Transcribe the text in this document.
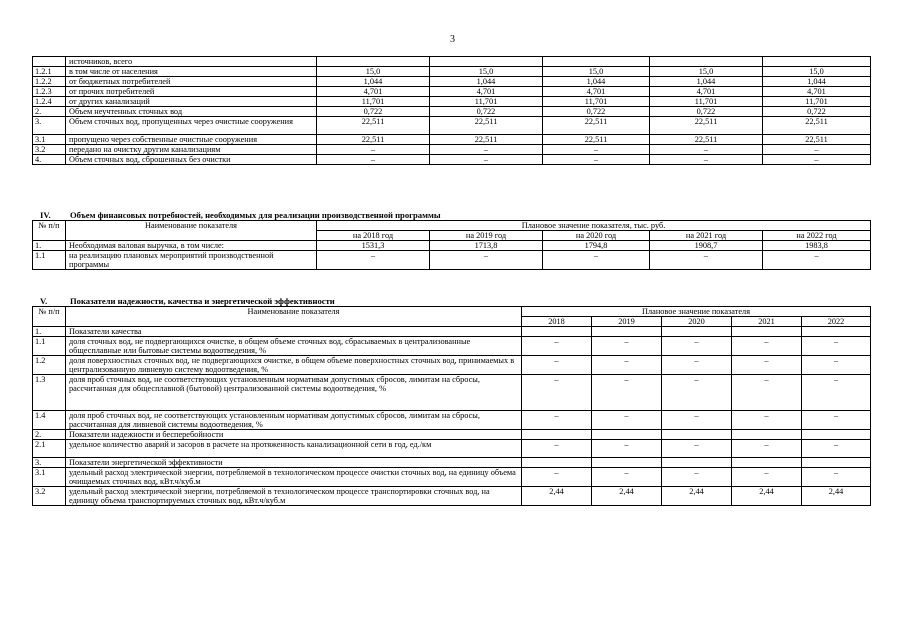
3
	источников, всего					
1.2.1	в том числе от населения	15,0	15,0	15,0	15,0	15,0
1.2.2	от бюджетных потребителей	1,044	1,044	1,044	1,044	1,044
1.2.3	от прочих потребителей	4,701	4,701	4,701	4,701	4,701
1.2.4	от других канализаций	11,701	11,701	11,701	11,701	11,701
2.	Объем неучтенных сточных вод	0,722	0,722	0,722	0,722	0,722
3.	Объем сточных вод, пропущенных через очистные сооружения	22,511	22,511	22,511	22,511	22,511
3.1	пропущено через собственные очистные сооружения	22,511	22,511	22,511	22,511	22,511
3.2	передано на очистку другим канализациям	–	–	–	–	–
4.	Объем сточных вод, сброшенных без очистки	–	–	–	–	–
IV. Объем финансовых потребностей, необходимых для реализации производственной программы
№ п/п	Наименование показателя	Плановое значение показателя, тыс. руб.				
		на 2018 год	на 2019 год	на 2020 год	на 2021 год	на 2022 год
1.	Необходимая валовая выручка, в том числе:	1531,3	1713,8	1794,8	1908,7	1983,8
1.1	на реализацию плановых мероприятий производственной программы	–	–	–	–	–
V.	Показатели надежности, качества и энергетической эффективности
№ п/п	Наименование показателя	Плановое значение показателя				
		2018	2019	2020	2021	2022
1.	Показатели качества					
1.1	доля сточных вод, не подвергающихся очистке, в общем объеме сточных вод, сбрасываемых в централизованные общесплавные или бытовые системы водоотведения, %	–	–	–	–	–
1.2	доля поверхностных сточных вод, не подвергающихся очистке, в общем объеме поверхностных сточных вод, принимаемых в централизованную ливневую систему водоотведения, %	–	–	–	–	–
1.3	доля проб сточных вод, не соответствующих установленным нормативам допустимых сбросов, лимитам на сбросы, рассчитанная для общесплавной (бытовой) централизованной системы водоотведения, %	–	–	–	–	–
1.4	доля проб сточных вод, не соответствующих установленным нормативам допустимых сбросов, лимитам на сбросы, рассчитанная для ливневой системы водоотведения, %	–	–	–	–	–
2.	Показатели надежности и бесперебойности					
2.1	удельное количество аварий и засоров в расчете на протяженность канализационной сети в год, ед./км	–	–	–	–	–
3.	Показатели энергетической эффективности					
3.1	удельный расход электрической энергии, потребляемой в технологическом процессе очистки сточных вод, на единицу объема очищаемых сточных вод, кВт.ч/куб.м	–	–	–	–	–
3.2	удельный расход электрической энергии, потребляемой в технологическом процессе транспортировки сточных вод, на единицу объема транспортируемых сточных вод, кВт.ч/куб.м	2,44	2,44	2,44	2,44	2,44
